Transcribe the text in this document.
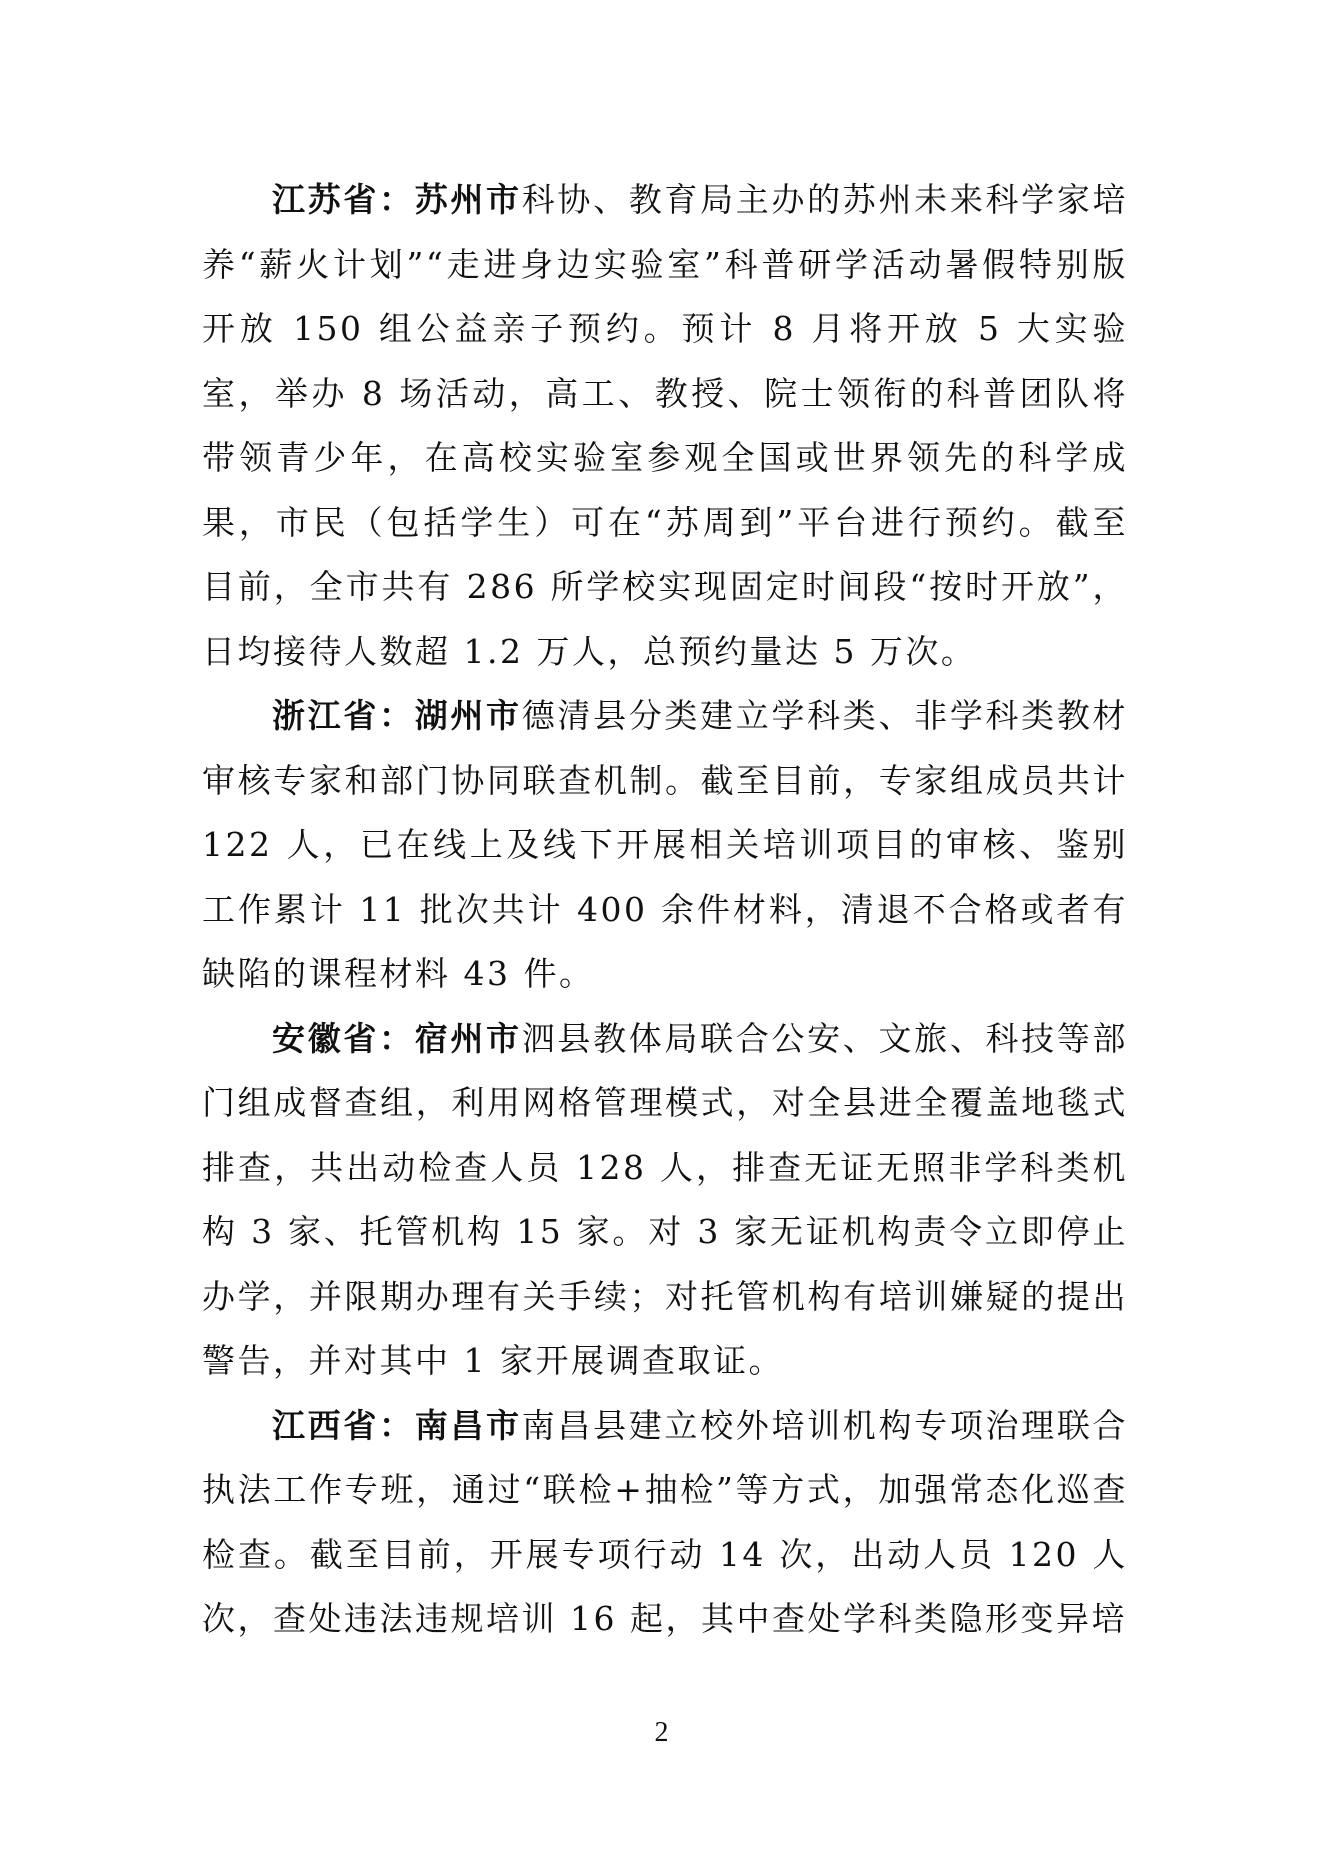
江苏省：苏州市科协、教育局主办的苏州未来科学家培养“薪火计划”“走进身边实验室”科普研学活动暑假特别版开放 150 组公益亲子预约。预计 8 月将开放 5 大实验室，举办 8 场活动，高工、教授、院士领衔的科普团队将带领青少年，在高校实验室参观全国或世界领先的科学成果，市民（包括学生）可在“苏周到”平台进行预约。截至目前，全市共有 286 所学校实现固定时间段“按时开放”，日均接待人数超 1.2 万人，总预约量达 5 万次。

浙江省：湖州市德清县分类建立学科类、非学科类教材审核专家和部门协同联查机制。截至目前，专家组成员共计 122 人，已在线上及线下开展相关培训项目的审核、鉴别工作累计 11 批次共计 400 余件材料，清退不合格或者有缺陷的课程材料 43 件。

安徽省：宿州市泗县教体局联合公安、文旅、科技等部门组成督查组，利用网格管理模式，对全县进全覆盖地毯式排查，共出动检查人员 128 人，排查无证无照非学科类机构 3 家、托管机构 15 家。对 3 家无证机构责令立即停止办学，并限期办理有关手续；对托管机构有培训嫌疑的提出警告，并对其中 1 家开展调查取证。

江西省：南昌市南昌县建立校外培训机构专项治理联合执法工作专班，通过“联检+抽检”等方式，加强常态化巡查检查。截至目前，开展专项行动 14 次，出动人员 120 人次，查处违法违规培训 16 起，其中查处学科类隐形变异培

2
